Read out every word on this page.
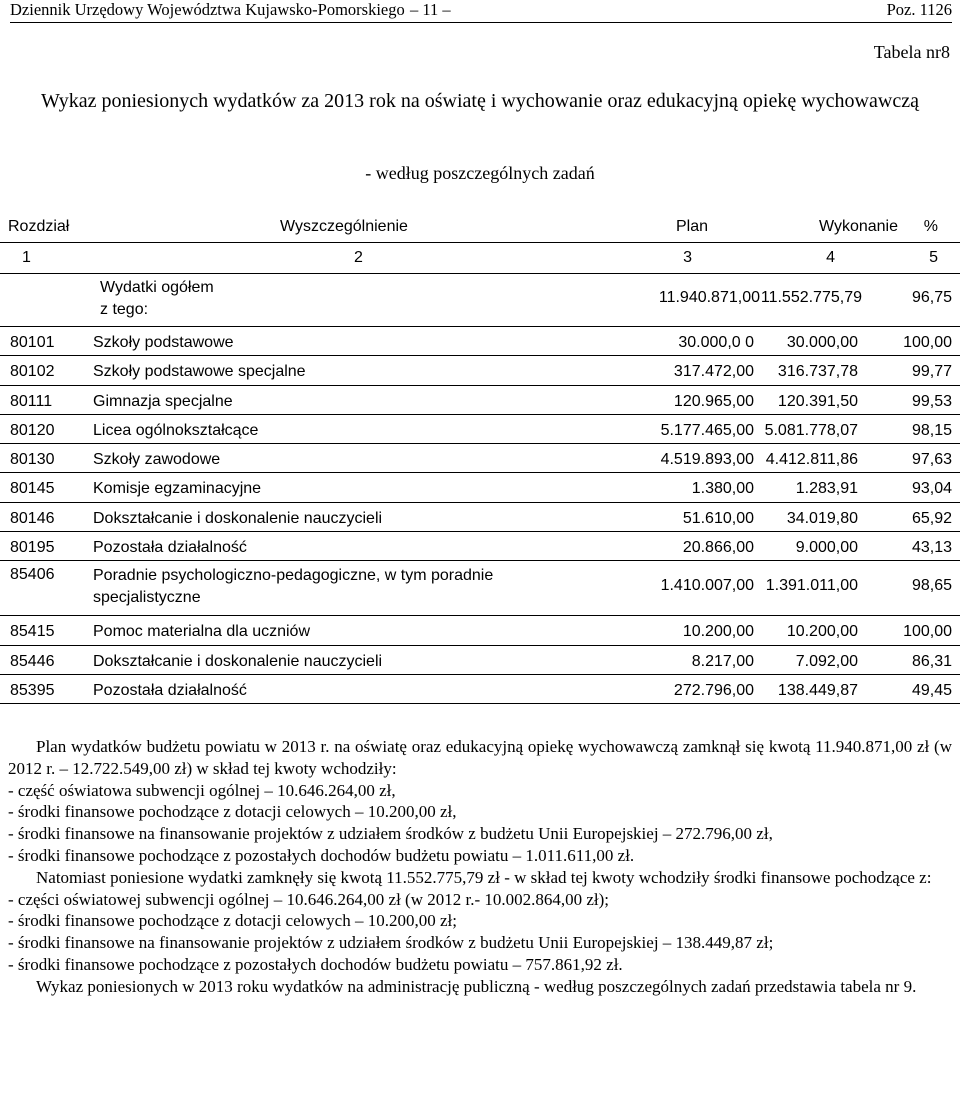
Dziennik Urzędowy Województwa Kujawsko-Pomorskiego – 11 –	Poz. 1126
Tabela nr8
Wykaz poniesionych wydatków za 2013 rok na oświatę i wychowanie oraz edukacyjną opiekę wychowawczą
- według poszczególnych zadań
Rozdział	Wyszczególnienie	Plan	Wykonanie %
1	2	3	4	5
Wydatki ogółem
z tego:
11.940.871,00 11.552.775,79	96,75
80101 Szkoły podstawowe	30.000,0 0 30.000,00	100,00
80102 Szkoły podstawowe specjalne	317.472,00 316.737,78	99,77
80111	Gimnazja specjalne	120.965,00 120.391,50	99,53
80120 Licea ogólnokształcące	5.177.465,00 5.081.778,07	98,15
80130 Szkoły zawodowe	4.519.893,00 4.412.811,86	97,63
80145 Komisje egzaminacyjne	1.380,00	1.283,91	93,04
80146 Dokształcanie i doskonalenie nauczycieli	51.610,00 34.019,80	65,92
80195 Pozostała działalność	20.866,00	9.000,00	43,13
85406 Poradnie psychologiczno-pedagogiczne, w tym poradnie
specjalistyczne
1.410.007,00 1.391.011,00	98,65
85415 Pomoc materialna dla uczniów	10.200,00 10.200,00	100,00
85446 Dokształcanie i doskonalenie nauczycieli	8.217,00	7.092,00	86,31
85395 Pozostała działalność	272.796,00 138.449,87	49,45

Plan wydatków budżetu powiatu w 2013 r. na oświatę oraz edukacyjną opiekę wychowawczą zamknął się kwotą 11.940.871,00 zł (w 2012 r. – 12.722.549,00 zł) w skład tej kwoty wchodziły:

- część oświatowa subwencji ogólnej – 10.646.264,00 zł,

- środki finansowe pochodzące z dotacji celowych – 10.200,00 zł,

- środki finansowe na finansowanie projektów z udziałem środków z budżetu Unii Europejskiej – 272.796,00 zł,

- środki finansowe pochodzące z pozostałych dochodów budżetu powiatu – 1.011.611,00 zł.

Natomiast poniesione wydatki zamknęły się kwotą 11.552.775,79 zł - w skład tej kwoty wchodziły środki finansowe pochodzące z:

- części oświatowej subwencji ogólnej – 10.646.264,00 zł (w 2012 r.- 10.002.864,00 zł);

- środki finansowe pochodzące z dotacji celowych – 10.200,00 zł;

- środki finansowe na finansowanie projektów z udziałem środków z budżetu Unii Europejskiej – 138.449,87 zł;

- środki finansowe pochodzące z pozostałych dochodów budżetu powiatu – 757.861,92 zł.

Wykaz poniesionych w 2013 roku wydatków na administrację publiczną - według poszczególnych zadań przedstawia tabela nr 9.
